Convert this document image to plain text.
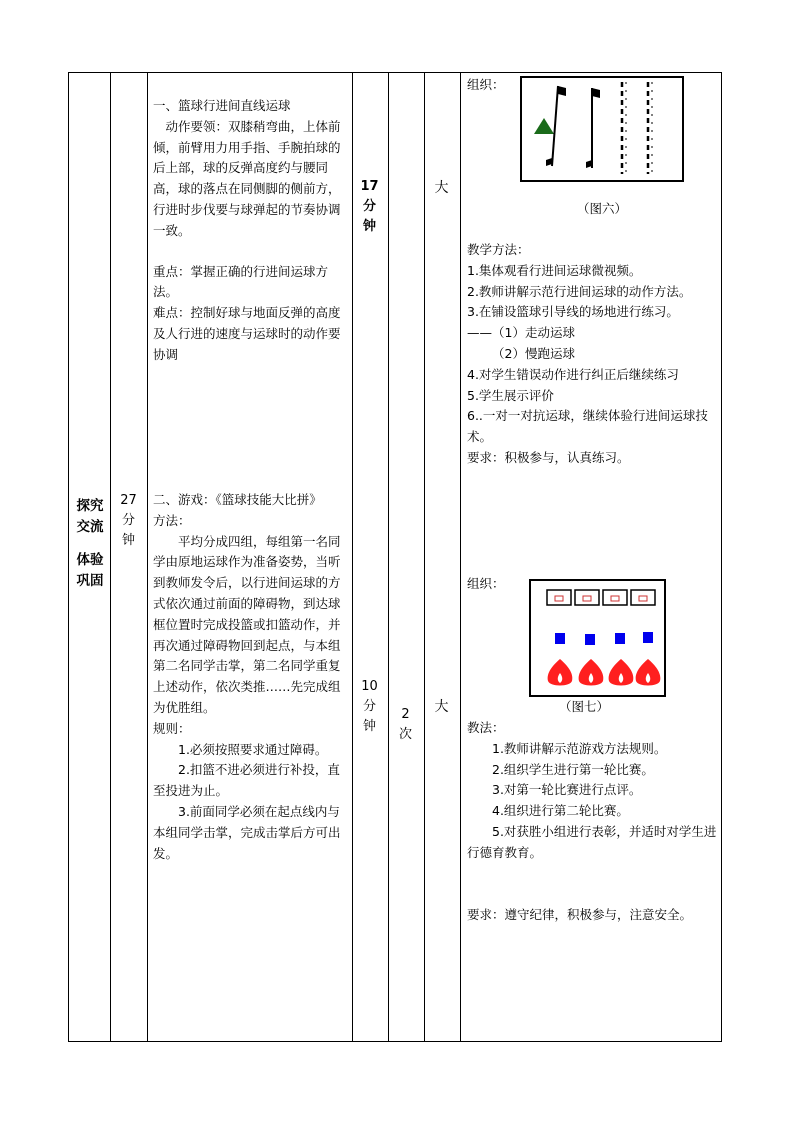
探究
交流
体验
巩固
27
分
钟

一、篮球行进间直线运球

动作要领：双膝稍弯曲，上体前倾，前臂用力用手指、手腕拍球的后上部，球的反弹高度约与腰同高，球的落点在同侧脚的侧前方，行进时步伐要与球弹起的节奏协调一致。

重点：掌握正确的行进间运球方法。

难点：控制好球与地面反弹的高度及人行进的速度与运球时的动作要协调

二、游戏：《篮球技能大比拼》

方法：

平均分成四组，每组第一名同学由原地运球作为准备姿势，当听到教师发令后，以行进间运球的方式依次通过前面的障碍物，到达球框位置时完成投篮或扣篮动作，并再次通过障碍物回到起点，与本组第二名同学击掌，第二名同学重复上述动作，依次类推……先完成组为优胜组。

规则：

1.必须按照要求通过障碍。

2.扣篮不进必须进行补投，直至投进为止。

3.前面同学必须在起点线内与本组同学击掌，完成击掌后方可出发。

17
分
钟
10
分
钟
2
次
大
大
组织：
（图六）

教学方法：

1.集体观看行进间运球微视频。

2.教师讲解示范行进间运球的动作方法。

3.在铺设篮球引导线的场地进行练习。

——（1）走动运球

（2）慢跑运球

4.对学生错误动作进行纠正后继续练习

5.学生展示评价

6..一对一对抗运球，继续体验行进间运球技术。

要求：积极参与，认真练习。

组织：
（图七）

教法：

1.教师讲解示范游戏方法规则。

2.组织学生进行第一轮比赛。

3.对第一轮比赛进行点评。

4.组织进行第二轮比赛。

5.对获胜小组进行表彰，并适时对学生进行德育教育。

要求：遵守纪律，积极参与，注意安全。
